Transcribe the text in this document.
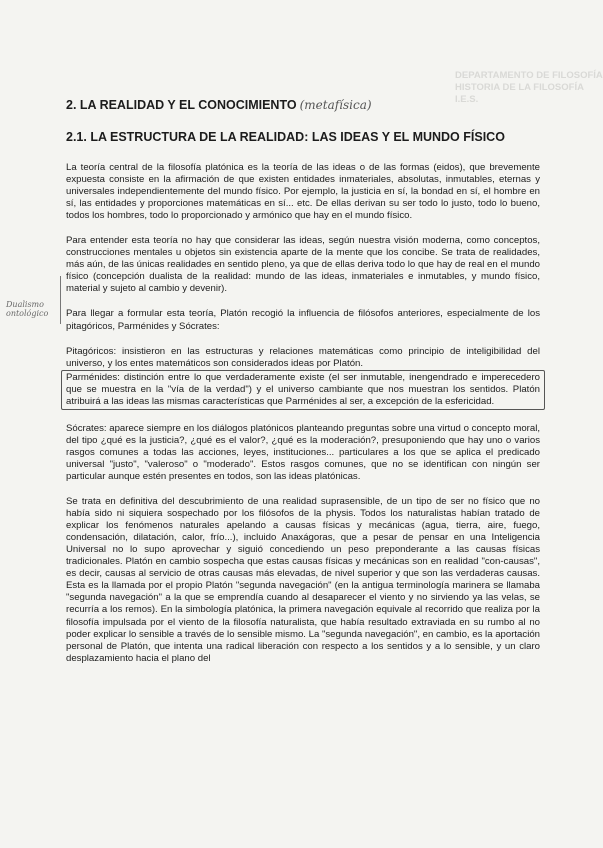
DEPARTAMENTO DE FILOSOFÍA
HISTORIA DE LA FILOSOFÍA
I.E.S.
Dualismo ontológico
2. LA REALIDAD Y EL CONOCIMIENTO (metafísica)
2.1. LA ESTRUCTURA DE LA REALIDAD: LAS IDEAS Y EL MUNDO FÍSICO

La teoría central de la filosofía platónica es la teoría de las ideas o de las formas (eidos), que brevemente expuesta consiste en la afirmación de que existen entidades inmateriales, absolutas, inmutables, eternas y universales independientemente del mundo físico. Por ejemplo, la justicia en sí, la bondad en sí, el hombre en sí, las entidades y proporciones matemáticas en sí... etc. De ellas derivan su ser todo lo justo, todo lo bueno, todos los hombres, todo lo proporcionado y armónico que hay en el mundo físico.

Para entender esta teoría no hay que considerar las ideas, según nuestra visión moderna, como conceptos, construcciones mentales u objetos sin existencia aparte de la mente que los concibe. Se trata de realidades, más aún, de las únicas realidades en sentido pleno, ya que de ellas deriva todo lo que hay de real en el mundo físico (concepción dualista de la realidad: mundo de las ideas, inmateriales e inmutables, y mundo físico, material y sujeto al cambio y devenir).

Para llegar a formular esta teoría, Platón recogió la influencia de filósofos anteriores, especialmente de los pitagóricos, Parménides y Sócrates:

Pitagóricos: insistieron en las estructuras y relaciones matemáticas como principio de inteligibilidad del universo, y los entes matemáticos son considerados ideas por Platón.

Parménides: distinción entre lo que verdaderamente existe (el ser inmutable, inengendrado e imperecedero que se muestra en la "vía de la verdad") y el universo cambiante que nos muestran los sentidos. Platón atribuirá a las ideas las mismas características que Parménides al ser, a excepción de la esfericidad.

Sócrates: aparece siempre en los diálogos platónicos planteando preguntas sobre una virtud o concepto moral, del tipo ¿qué es la justicia?, ¿qué es el valor?, ¿qué es la moderación?, presuponiendo que hay uno o varios rasgos comunes a todas las acciones, leyes, instituciones... particulares a los que se aplica el predicado universal "justo", "valeroso" o "moderado". Estos rasgos comunes, que no se identifican con ningún ser particular aunque estén presentes en todos, son las ideas platónicas.

Se trata en definitiva del descubrimiento de una realidad suprasensible, de un tipo de ser no físico que no había sido ni siquiera sospechado por los filósofos de la physis. Todos los naturalistas habían tratado de explicar los fenómenos naturales apelando a causas físicas y mecánicas (agua, tierra, aire, fuego, condensación, dilatación, calor, frío...), incluido Anaxágoras, que a pesar de pensar en una Inteligencia Universal no lo supo aprovechar y siguió concediendo un peso preponderante a las causas físicas tradicionales. Platón en cambio sospecha que estas causas físicas y mecánicas son en realidad "con-causas", es decir, causas al servicio de otras causas más elevadas, de nivel superior y que son las verdaderas causas. Esta es la llamada por el propio Platón "segunda navegación" (en la antigua terminología marinera se llamaba "segunda navegación" a la que se emprendía cuando al desaparecer el viento y no sirviendo ya las velas, se recurría a los remos). En la simbología platónica, la primera navegación equivale al recorrido que realiza por la filosofía impulsada por el viento de la filosofía naturalista, que había resultado extraviada en su rumbo al no poder explicar lo sensible a través de lo sensible mismo. La "segunda navegación", en cambio, es la aportación personal de Platón, que intenta una radical liberación con respecto a los sentidos y a lo sensible, y un claro desplazamiento hacia el plano del
